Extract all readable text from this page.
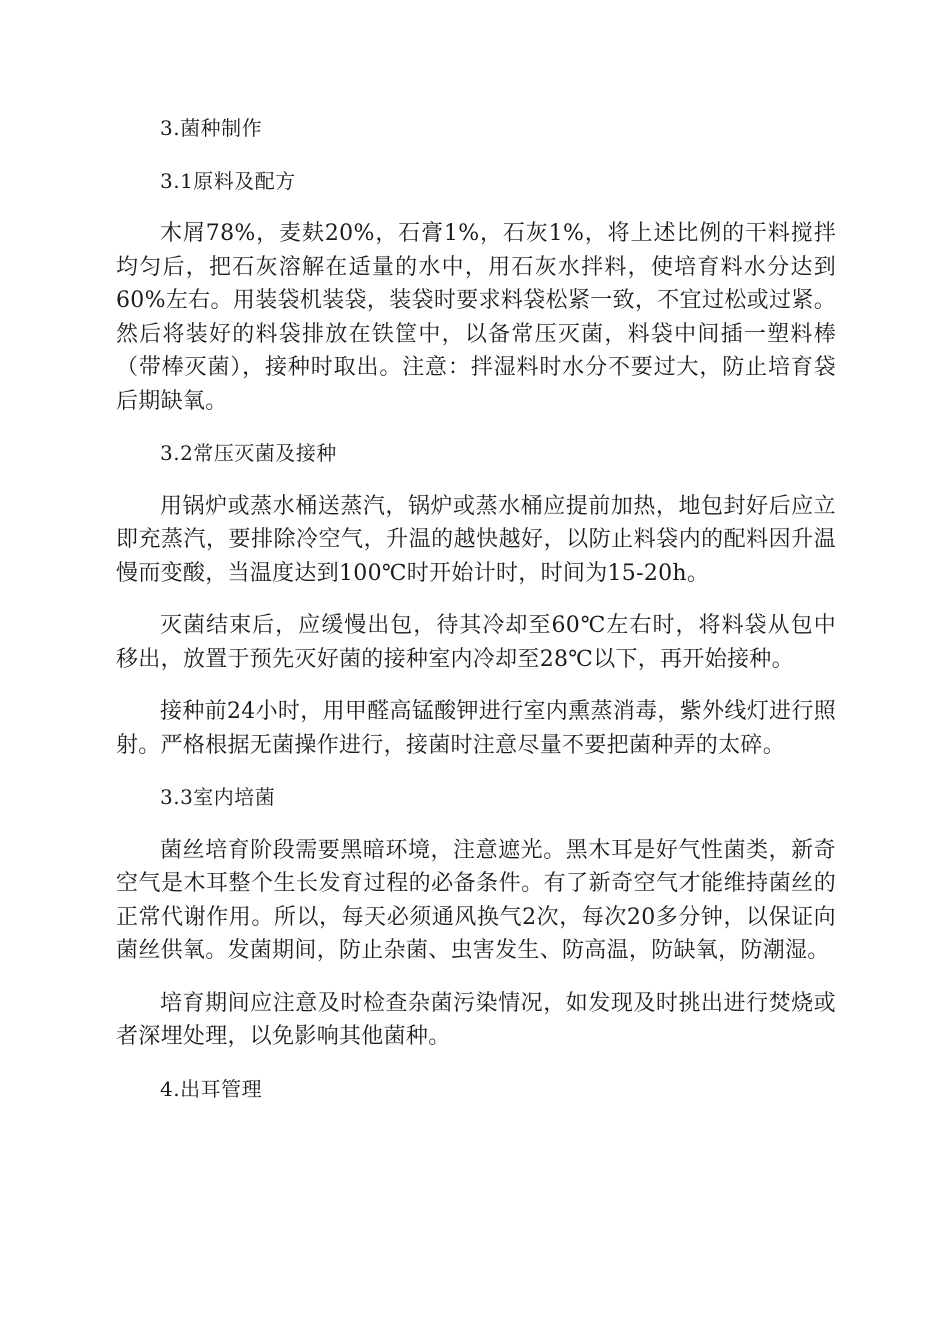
3.菌种制作

3.1原料及配方

木屑78%，麦麸20%，石膏1%，石灰1%，将上述比例的干料搅拌均匀后，把石灰溶解在适量的水中，用石灰水拌料，使培育料水分达到60%左右。用装袋机装袋，装袋时要求料袋松紧一致，不宜过松或过紧。然后将装好的料袋排放在铁筐中，以备常压灭菌，料袋中间插一塑料棒（带棒灭菌），接种时取出。注意：拌湿料时水分不要过大，防止培育袋后期缺氧。

3.2常压灭菌及接种

用锅炉或蒸水桶送蒸汽，锅炉或蒸水桶应提前加热，地包封好后应立即充蒸汽，要排除冷空气，升温的越快越好，以防止料袋内的配料因升温慢而变酸，当温度达到100℃时开始计时，时间为15-20h。

灭菌结束后，应缓慢出包，待其冷却至60℃左右时，将料袋从包中移出，放置于预先灭好菌的接种室内冷却至28℃以下，再开始接种。

接种前24小时，用甲醛高锰酸钾进行室内熏蒸消毒，紫外线灯进行照射。严格根据无菌操作进行，接菌时注意尽量不要把菌种弄的太碎。

3.3室内培菌

菌丝培育阶段需要黑暗环境，注意遮光。黑木耳是好气性菌类，新奇空气是木耳整个生长发育过程的必备条件。有了新奇空气才能维持菌丝的正常代谢作用。所以，每天必须通风换气2次，每次20多分钟，以保证向菌丝供氧。发菌期间，防止杂菌、虫害发生、防高温，防缺氧，防潮湿。

培育期间应注意及时检查杂菌污染情况，如发现及时挑出进行焚烧或者深埋处理，以免影响其他菌种。

4.出耳管理
